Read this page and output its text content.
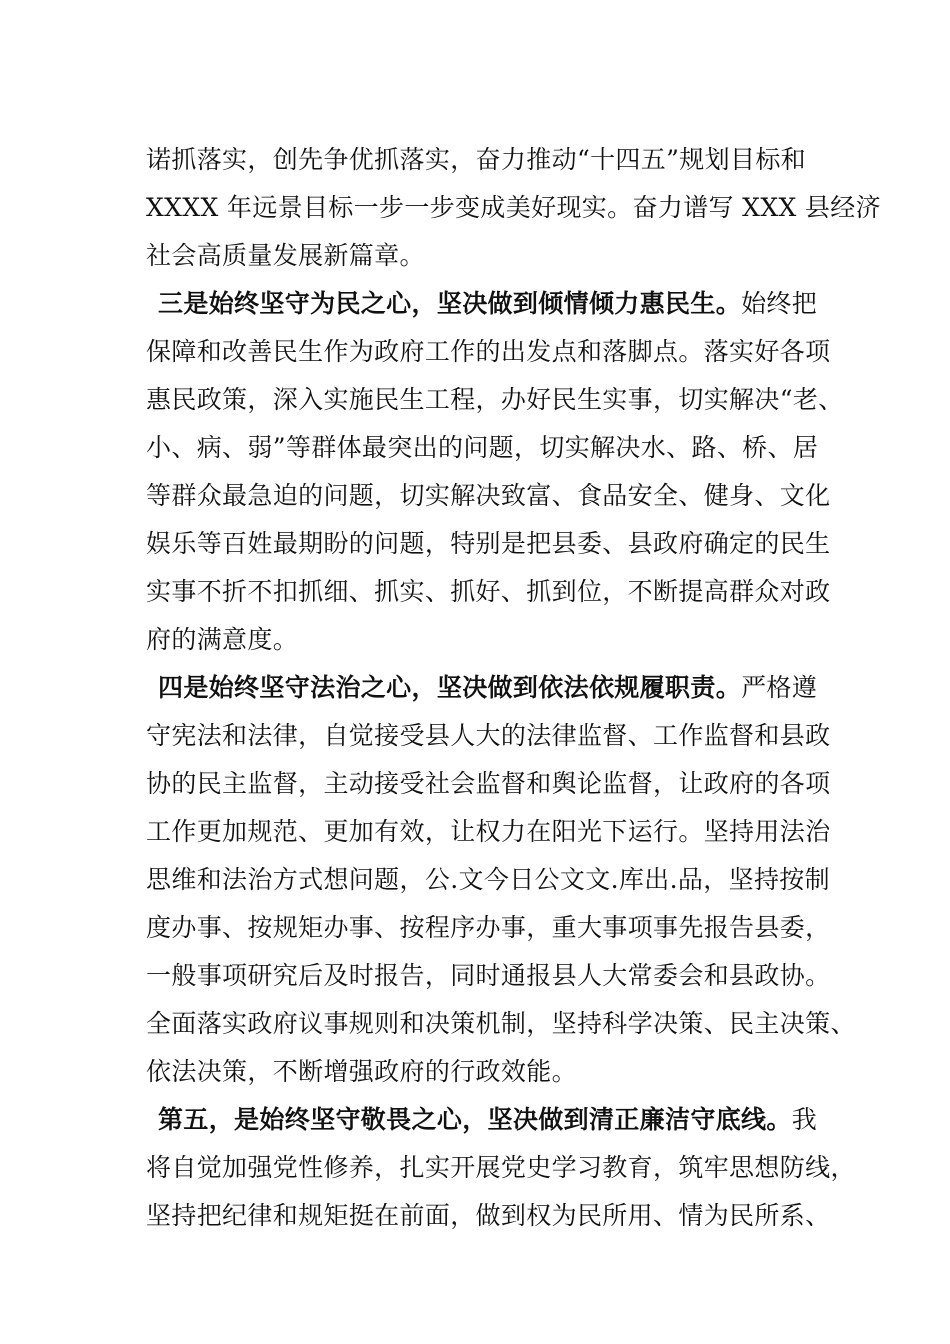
诺抓落实，创先争优抓落实，奋力推动“十四五”规划目标和
XXXX 年远景目标一步一步变成美好现实。奋力谱写 XXX 县经济
社会高质量发展新篇章。
三是始终坚守为民之心，坚决做到倾情倾力惠民生。始终把
保障和改善民生作为政府工作的出发点和落脚点。落实好各项
惠民政策，深入实施民生工程，办好民生实事，切实解决“老、
小、病、弱”等群体最突出的问题，切实解决水、路、桥、居
等群众最急迫的问题，切实解决致富、食品安全、健身、文化
娱乐等百姓最期盼的问题，特别是把县委、县政府确定的民生
实事不折不扣抓细、抓实、抓好、抓到位，不断提高群众对政
府的满意度。
四是始终坚守法治之心，坚决做到依法依规履职责。严格遵
守宪法和法律，自觉接受县人大的法律监督、工作监督和县政
协的民主监督，主动接受社会监督和舆论监督，让政府的各项
工作更加规范、更加有效，让权力在阳光下运行。坚持用法治
思维和法治方式想问题，公.文今日公文文.库出.品，坚持按制
度办事、按规矩办事、按程序办事，重大事项事先报告县委，
一般事项研究后及时报告，同时通报县人大常委会和县政协。
全面落实政府议事规则和决策机制，坚持科学决策、民主决策、
依法决策，不断增强政府的行政效能。
第五，是始终坚守敬畏之心，坚决做到清正廉洁守底线。我
将自觉加强党性修养，扎实开展党史学习教育，筑牢思想防线，
坚持把纪律和规矩挺在前面，做到权为民所用、情为民所系、
